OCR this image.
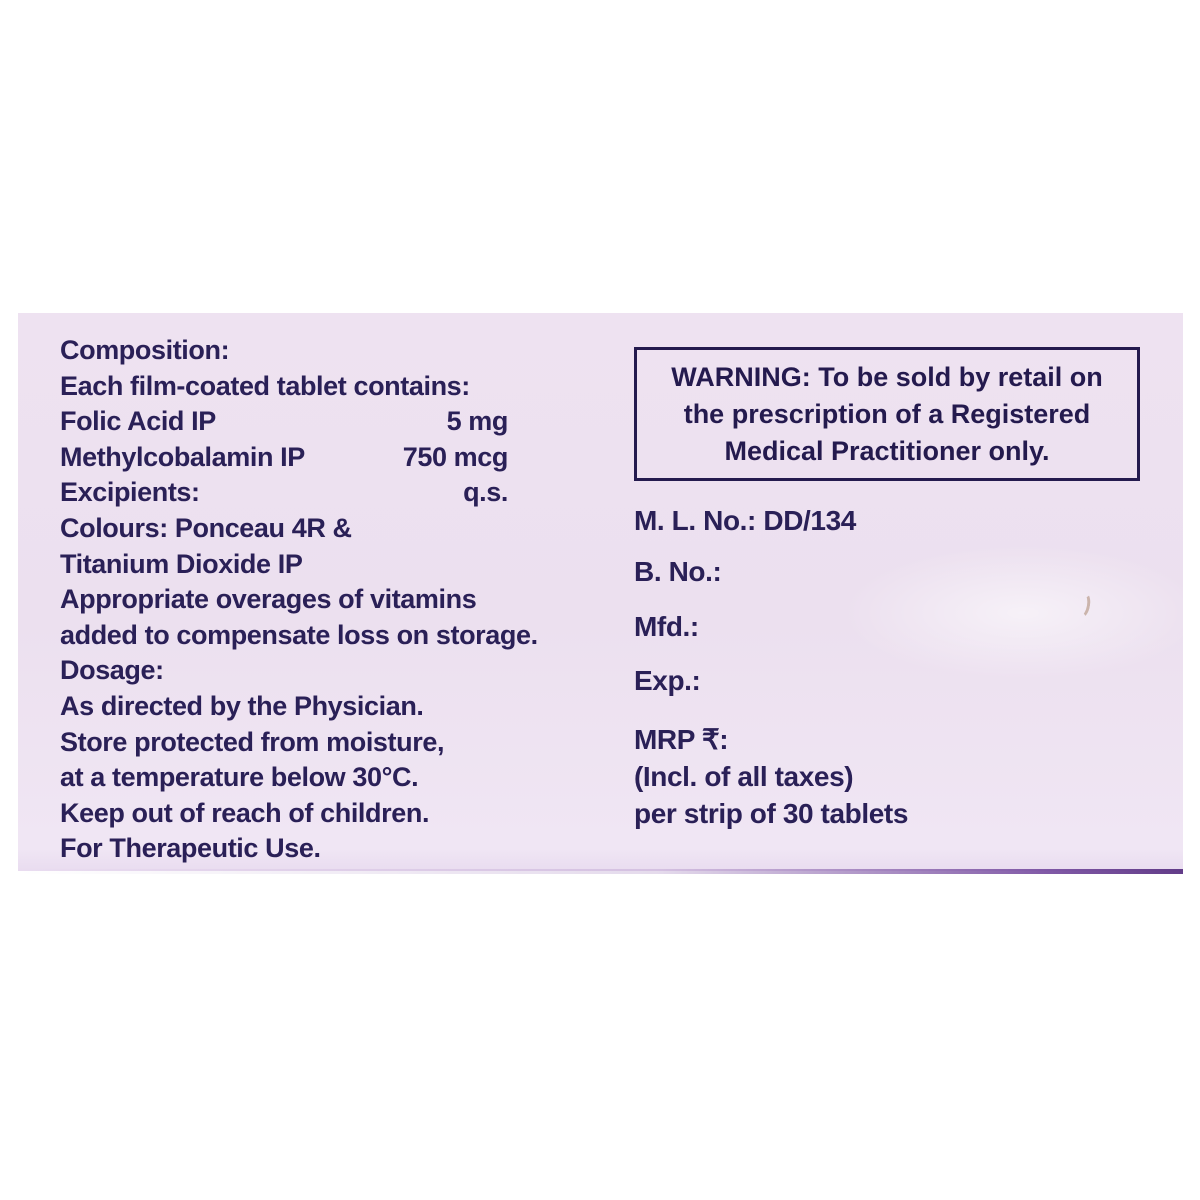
Composition:
Each film-coated tablet contains:
Folic Acid IP	5 mg
Methylcobalamin IP	750 mcg
Excipients:	q.s.
Colours: Ponceau 4R &
Titanium Dioxide IP
Appropriate overages of vitamins
added to compensate loss on storage.
Dosage:
As directed by the Physician.
Store protected from moisture,
at a temperature below 30°C.
Keep out of reach of children.
For Therapeutic Use.
WARNING: To be sold by retail on
the prescription of a Registered
Medical Practitioner only.
M. L. No.: DD/134
B. No.:
Mfd.:
Exp.:
MRP ₹:
(Incl. of all taxes)
per strip of 30 tablets
